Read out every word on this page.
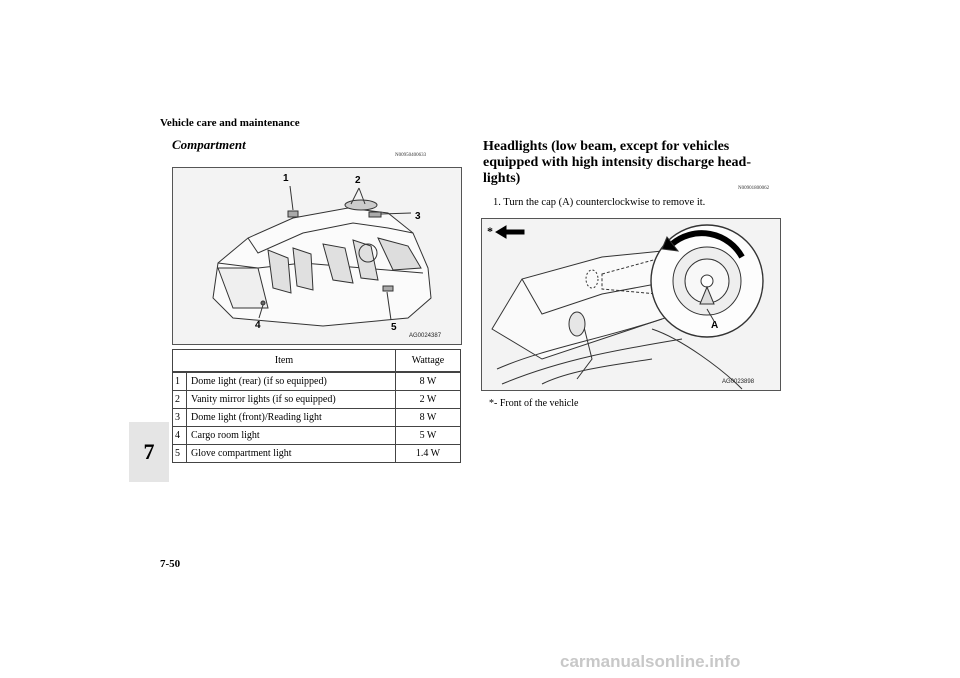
Vehicle care and maintenance
7
Compartment
N00950400633
1	2
3
4	5
AG0024387
Item		Wattage
1	Dome light (rear) (if so equipped)	8 W
2	Vanity mirror lights (if so equipped)	2 W
3	Dome light (front)/Reading light	8 W
4	Cargo room light	5 W
5	Glove compartment light	1.4 W
Headlights (low beam, except for vehicles equipped with high intensity discharge head-lights)
N00901800062
1. Turn the cap (A) counterclockwise to remove it.
*
A
AG0023898
*- Front of the vehicle
7-50
carmanualsonline.info
